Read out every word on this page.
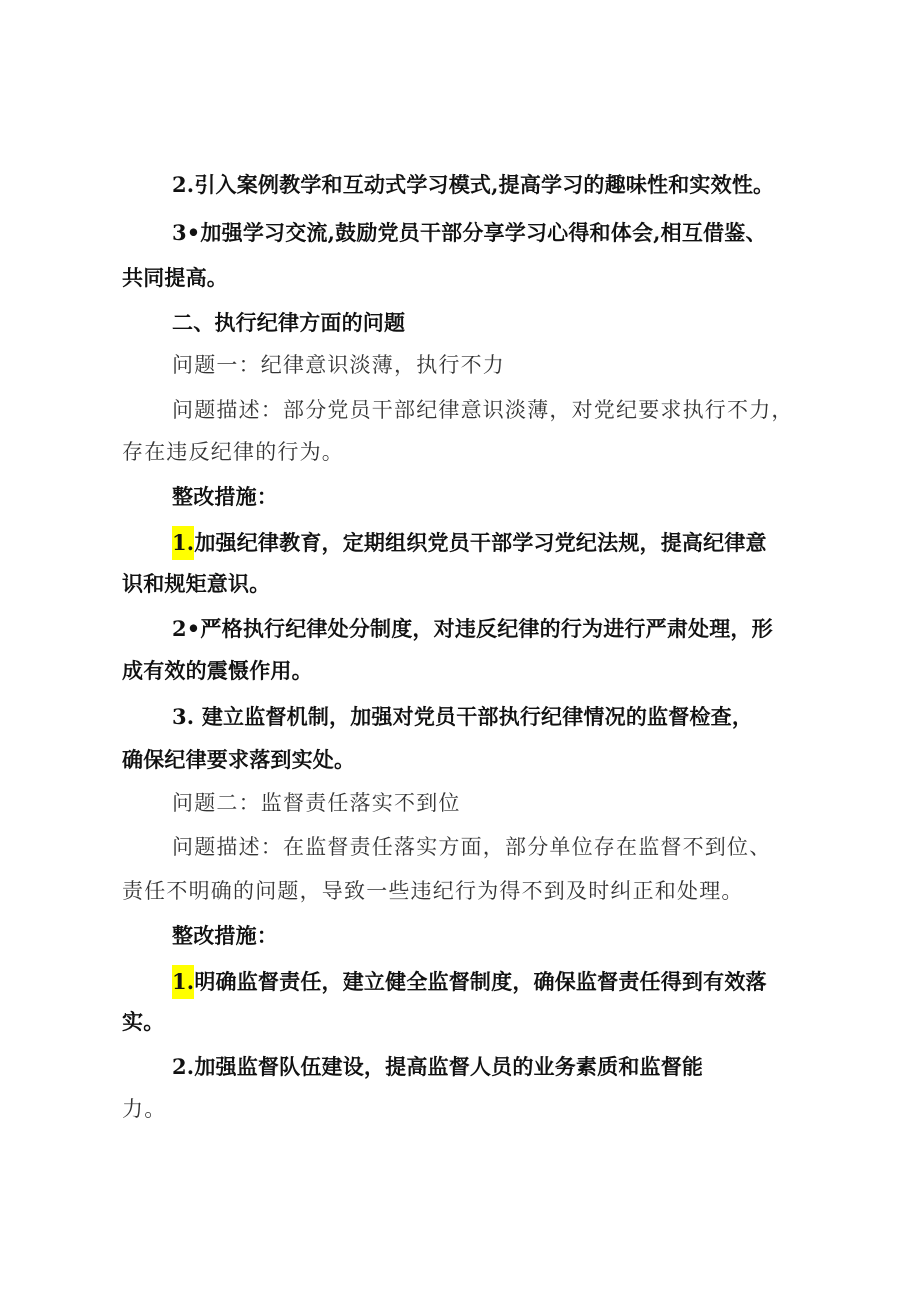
2.引入案例教学和互动式学习模式,提高学习的趣味性和实效性。
3•加强学习交流,鼓励党员干部分享学习心得和体会,相互借鉴、
共同提高。
二、执行纪律方面的问题
问题一：纪律意识淡薄，执行不力
问题描述：部分党员干部纪律意识淡薄，对党纪要求执行不力，
存在违反纪律的行为。
整改措施：
1.加强纪律教育，定期组织党员干部学习党纪法规，提高纪律意
识和规矩意识。
2•严格执行纪律处分制度，对违反纪律的行为进行严肃处理，形
成有效的震慑作用。
3. 建立监督机制，加强对党员干部执行纪律情况的监督检查，
确保纪律要求落到实处。
问题二：监督责任落实不到位
问题描述：在监督责任落实方面，部分单位存在监督不到位、
责任不明确的问题，导致一些违纪行为得不到及时纠正和处理。
整改措施：
1.明确监督责任，建立健全监督制度，确保监督责任得到有效落
实。
2.加强监督队伍建设，提高监督人员的业务素质和监督能
力。
